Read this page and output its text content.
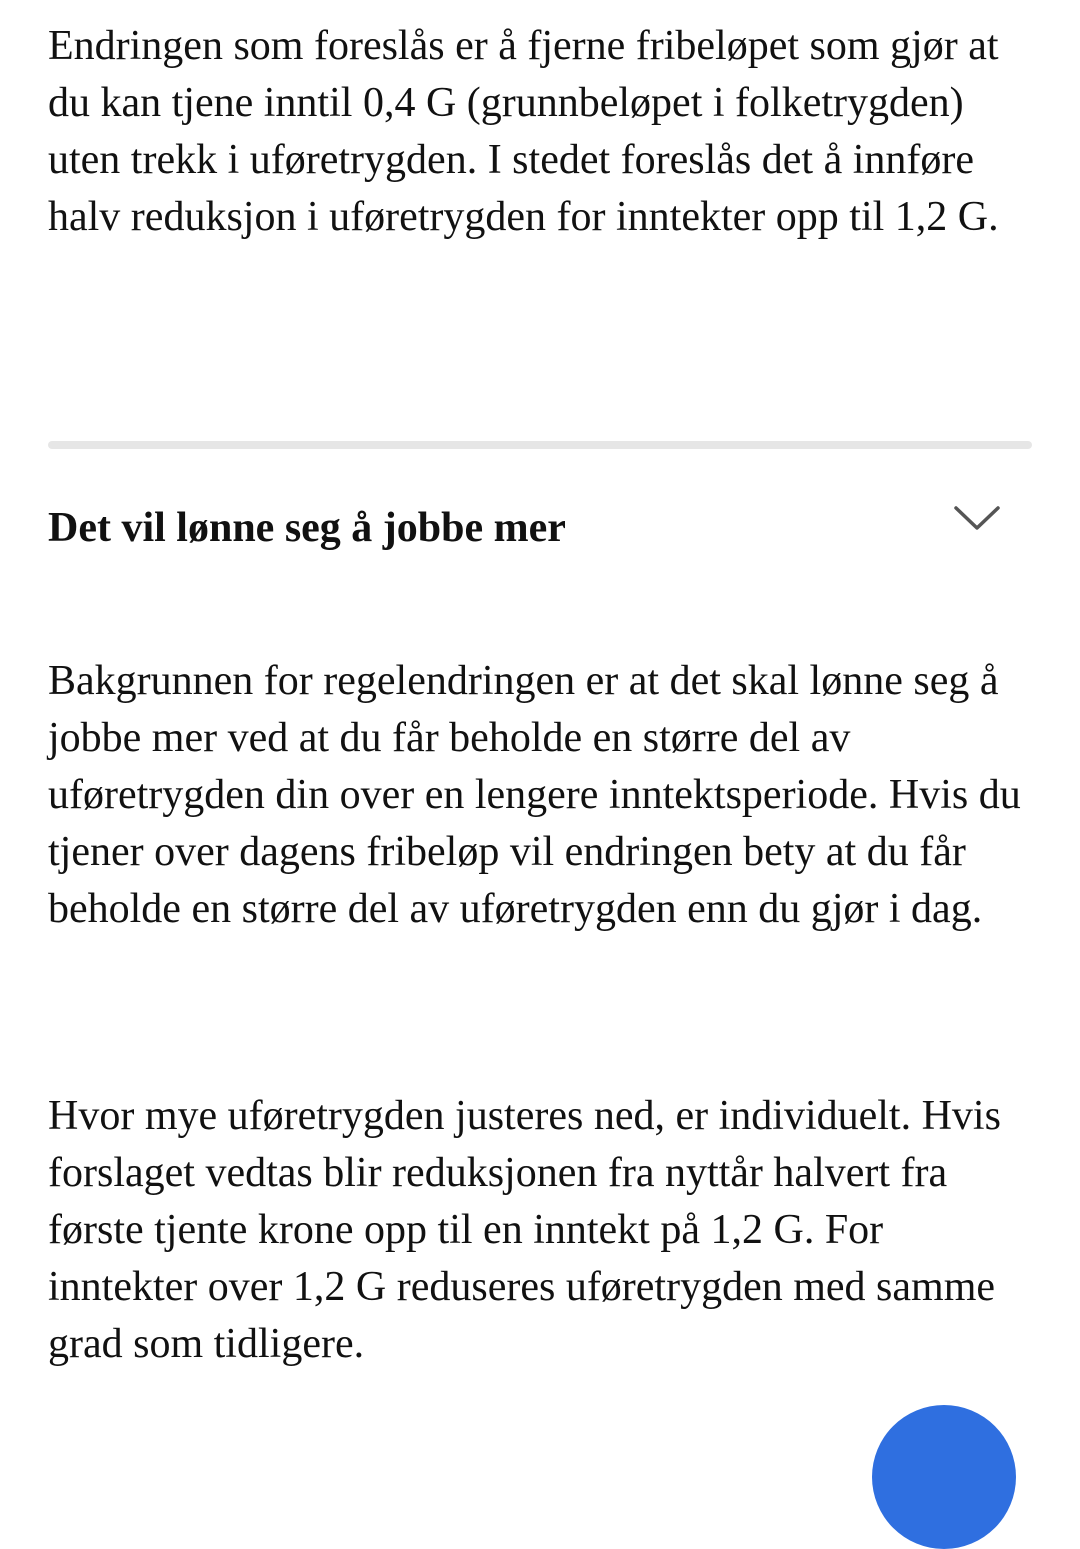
Endringen som foreslås er å fjerne fribeløpet som gjør at du kan tjene inntil 0,4 G (grunnbeløpet i folketrygden) uten trekk i uføretrygden. I stedet foreslås det å innføre halv reduksjon i uføretrygden for inntekter opp til 1,2 G.

Det vil lønne seg å jobbe mer

Bakgrunnen for regelendringen er at det skal lønne seg å jobbe mer ved at du får beholde en større del av uføretrygden din over en lengere inntektsperiode. Hvis du tjener over dagens fribeløp vil endringen bety at du får beholde en større del av uføretrygden enn du gjør i dag.

Hvor mye uføretrygden justeres ned, er individuelt. Hvis forslaget vedtas blir reduksjonen fra nyttår halvert fra første tjente krone opp til en inntekt på 1,2 G. For inntekter over 1,2 G reduseres uføretrygden med samme grad som tidligere.
